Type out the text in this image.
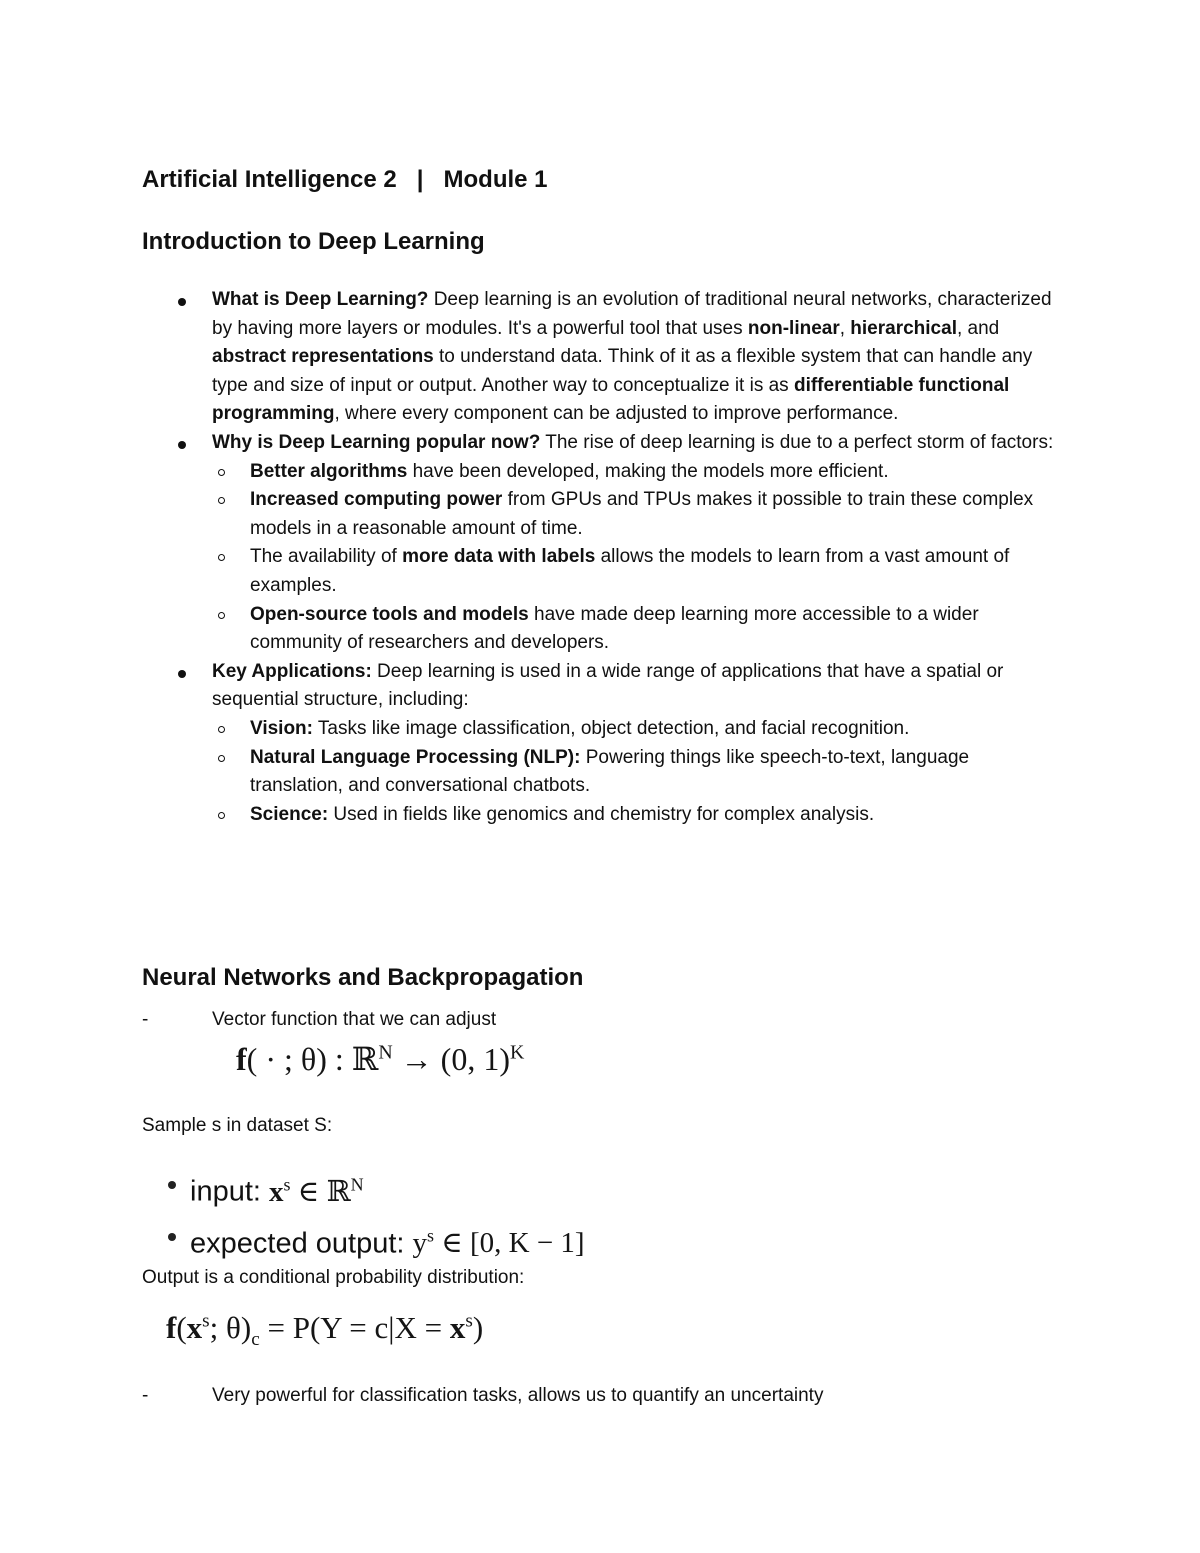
Artificial Intelligence 2 | Module 1

Introduction to Deep Learning
What is Deep Learning? Deep learning is an evolution of traditional neural networks, characterized by having more layers or modules. It's a powerful tool that uses non-linear, hierarchical, and abstract representations to understand data. Think of it as a flexible system that can handle any type and size of input or output. Another way to conceptualize it is as differentiable functional programming, where every component can be adjusted to improve performance.
Why is Deep Learning popular now? The rise of deep learning is due to a perfect storm of factors:
Better algorithms have been developed, making the models more efficient.
Increased computing power from GPUs and TPUs makes it possible to train these complex models in a reasonable amount of time.
The availability of more data with labels allows the models to learn from a vast amount of examples.
Open-source tools and models have made deep learning more accessible to a wider community of researchers and developers.
Key Applications: Deep learning is used in a wide range of applications that have a spatial or sequential structure, including:
Vision: Tasks like image classification, object detection, and facial recognition.
Natural Language Processing (NLP): Powering things like speech-to-text, language translation, and conversational chatbots.
Science: Used in fields like genomics and chemistry for complex analysis.
Neural Networks and Backpropagation

-	Vector function that we can adjust

f( · ; θ) : ℝ$^N$ → (0, 1)$^K$

Sample s in dataset S:

input: $x^s$ ∈ ℝ$^N$
expected output: $y^s$ ∈ [0, K − 1]

Output is a conditional probability distribution:

$f(x^s$; $\theta)_c = P(Y = c|X = x^s)$

-	Very powerful for classification tasks, allows us to quantify an uncertainty
